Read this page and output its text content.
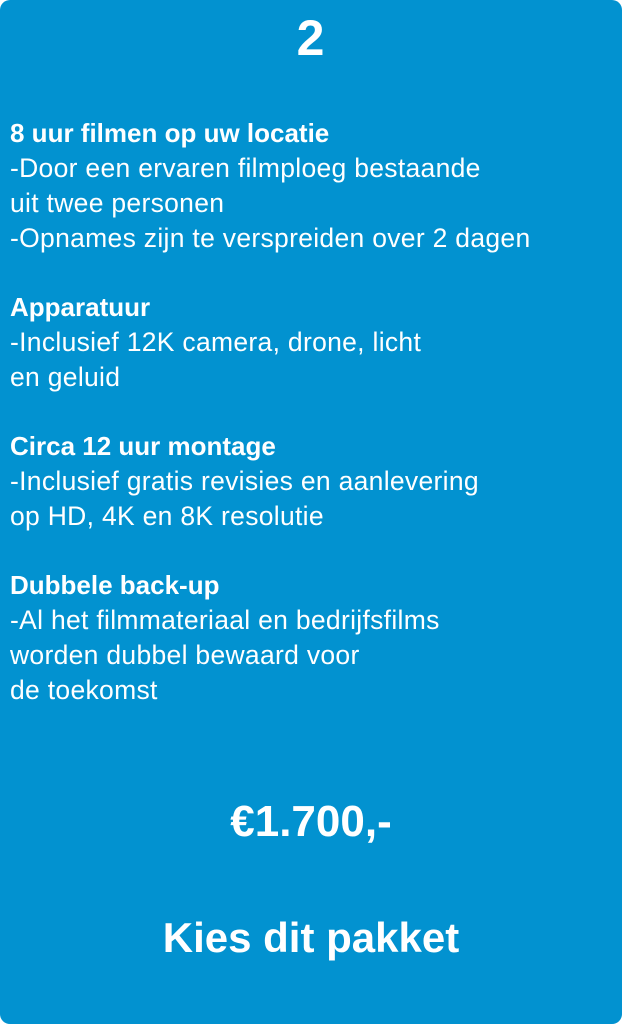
2
8 uur filmen op uw locatie
-Door een ervaren filmploeg bestaande
uit twee personen
-Opnames zijn te verspreiden over 2 dagen
Apparatuur
-Inclusief 12K camera, drone, licht
en geluid
Circa 12 uur montage
-Inclusief gratis revisies en aanlevering
op HD, 4K en 8K resolutie
Dubbele back-up
-Al het filmmateriaal en bedrijfsfilms
worden dubbel bewaard voor
de toekomst
€1.700,-
Kies dit pakket
